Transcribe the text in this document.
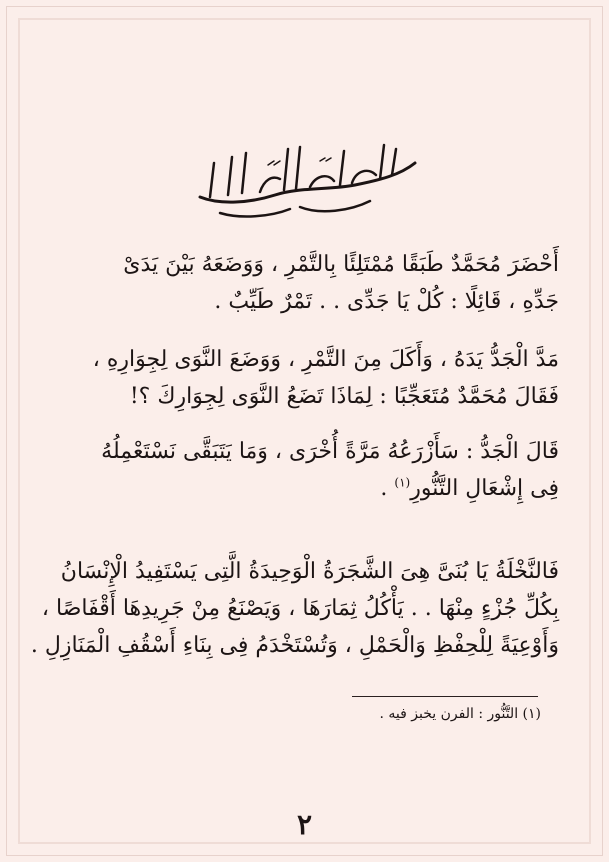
أَحْضَرَ مُحَمَّدٌ طَبَقًا مُمْتَلِئًا بِالتَّمْرِ ، وَوَضَعَهُ بَيْنَ يَدَىْ
جَدِّهِ ، قَائِلًا : كُلْ يَا جَدِّى . . تَمْرٌ طَيِّبٌ .
مَدَّ الْجَدُّ يَدَهُ ، وَأَكَلَ مِنَ التَّمْرِ ، وَوَضَعَ النَّوَى لِجِوَارِهِ ،
فَقَالَ مُحَمَّدٌ مُتَعَجِّبًا : لِمَاذَا تَضَعُ النَّوَى لِجِوَارِكَ ؟!
قَالَ الْجَدُّ : سَأَزْرَعُهُ مَرَّةً أُخْرَى ، وَمَا يَتَبَقَّى نَسْتَعْمِلُهُ
فِى إِشْعَالِ التَّنُّورِ$^{(١)}$ .
فَالنَّخْلَةُ يَا بُنَىَّ هِىَ الشَّجَرَةُ الْوَحِيدَةُ الَّتِى يَسْتَفِيدُ الْإِنْسَانُ
بِكُلِّ جُزْءٍ مِنْهَا . . يَأْكُلُ ثِمَارَهَا ، وَيَصْنَعُ مِنْ جَرِيدِهَا أَقْفَاصًا ،
وَأَوْعِيَةً لِلْحِفْظِ وَالْحَمْلِ ، وَتُسْتَخْدَمُ فِى بِنَاءِ أَسْقُفِ الْمَنَازِلِ .
(١) التَّنُّور : الفرن يخبز فيه .
٢
